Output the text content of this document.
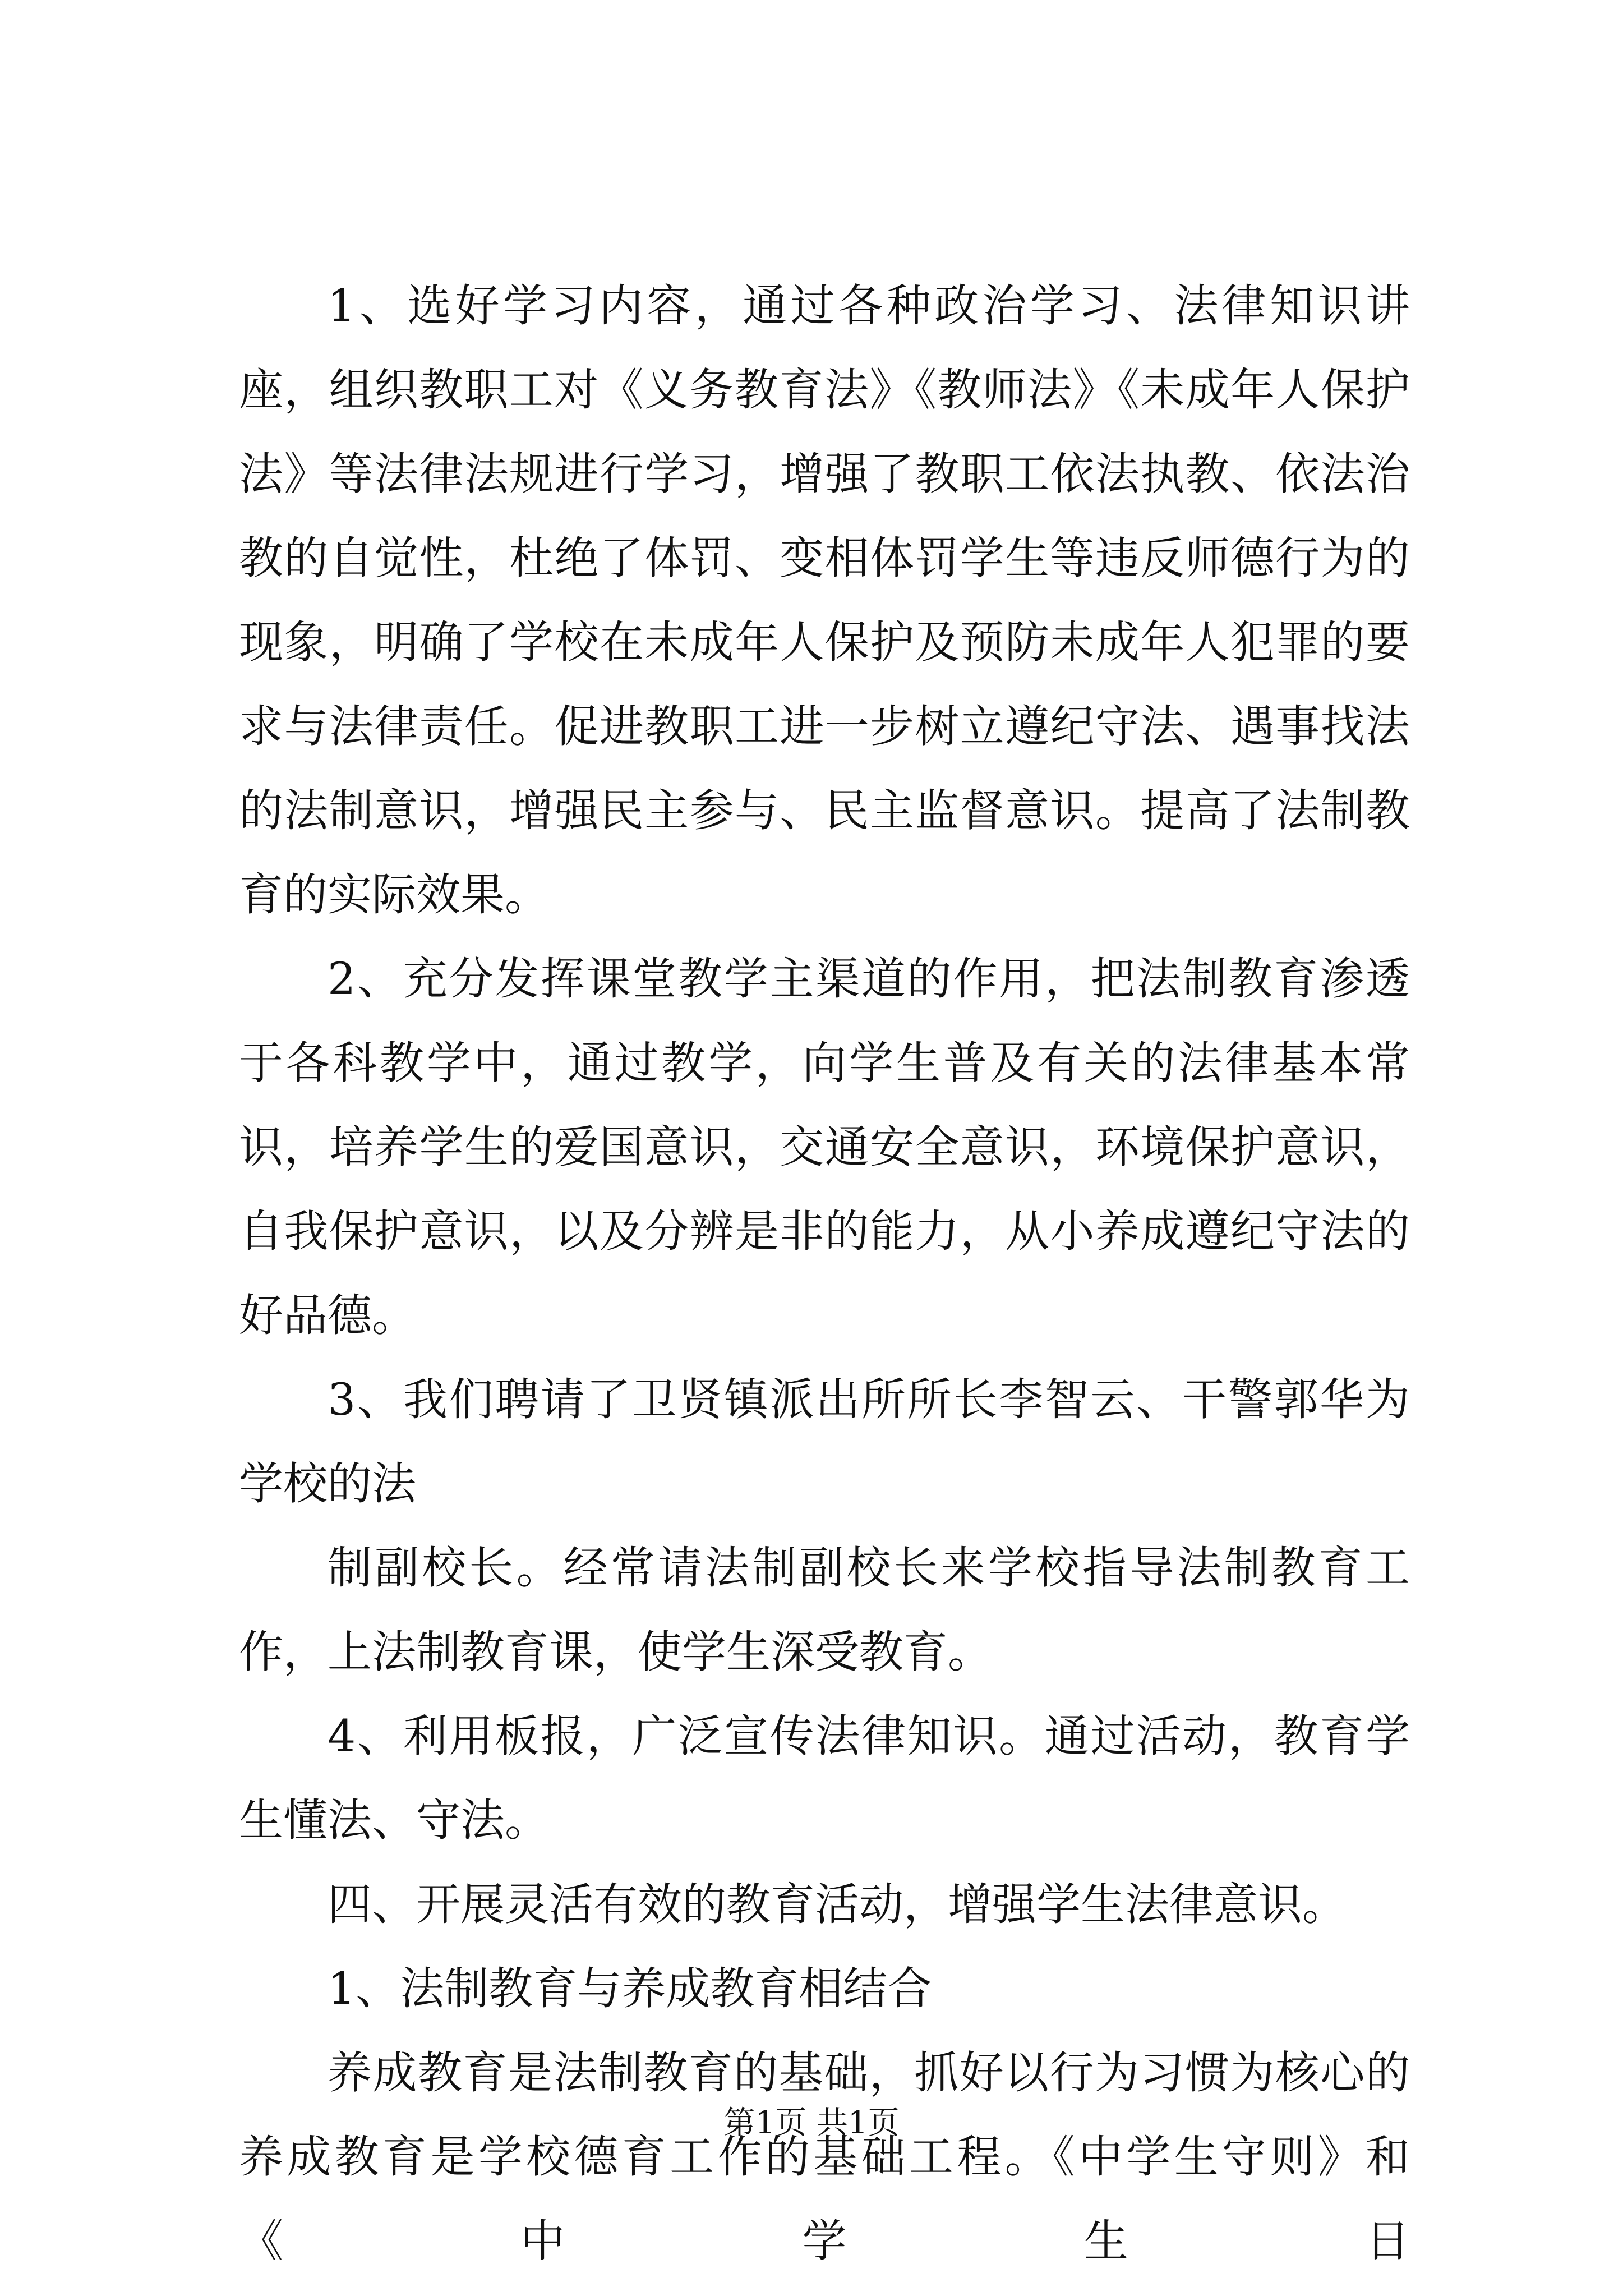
1、选好学习内容，通过各种政治学习、法律知识讲座，组织教职工对《义务教育法》《教师法》《未成年人保护法》等法律法规进行学习，增强了教职工依法执教、依法治教的自觉性，杜绝了体罚、变相体罚学生等违反师德行为的现象，明确了学校在未成年人保护及预防未成年人犯罪的要求与法律责任。促进教职工进一步树立遵纪守法、遇事找法的法制意识，增强民主参与、民主监督意识。提高了法制教育的实际效果。

2、充分发挥课堂教学主渠道的作用，把法制教育渗透于各科教学中，通过教学，向学生普及有关的法律基本常识，培养学生的爱国意识，交通安全意识，环境保护意识，自我保护意识，以及分辨是非的能力，从小养成遵纪守法的好品德。

3、我们聘请了卫贤镇派出所所长李智云、干警郭华为学校的法

制副校长。经常请法制副校长来学校指导法制教育工作，上法制教育课，使学生深受教育。

4、利用板报，广泛宣传法律知识。通过活动，教育学生懂法、守法。

四、开展灵活有效的教育活动，增强学生法律意识。

1、法制教育与养成教育相结合

养成教育是法制教育的基础，抓好以行为习惯为核心的养成教育是学校德育工作的基础工程。《中学生守则》和《中学生日

第1页 共1页
